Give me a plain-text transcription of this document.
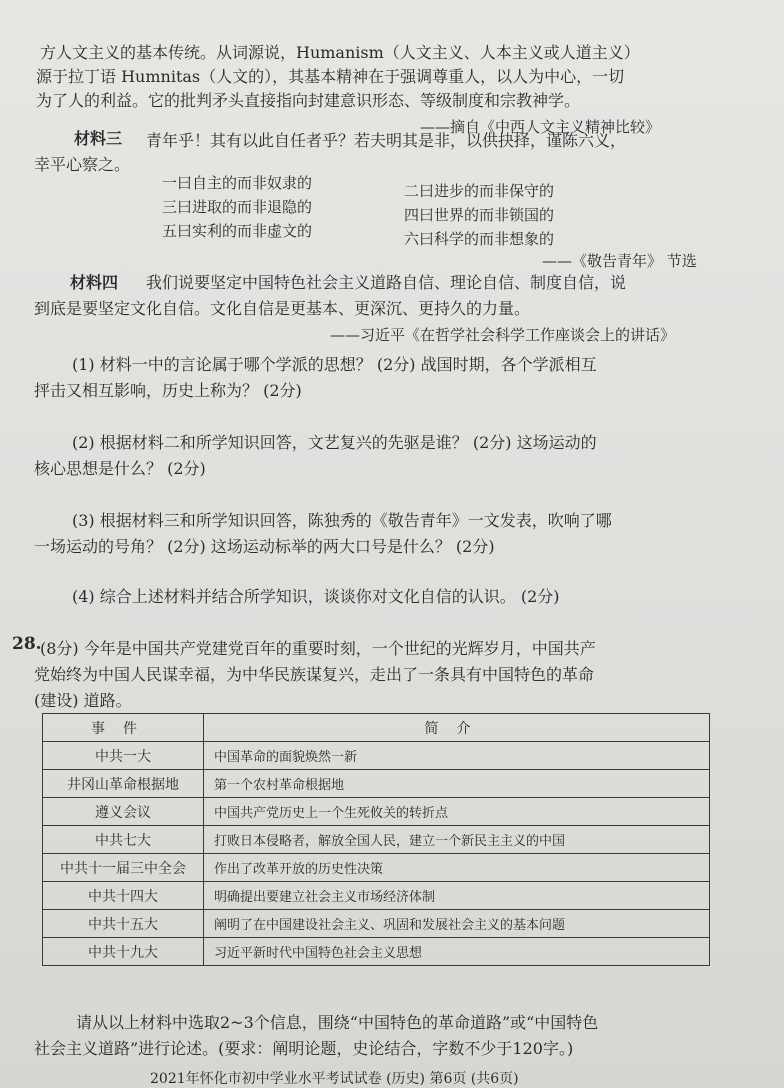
方人文主义的基本传统。从词源说，Humanism（人文主义、人本主义或人道主义）
源于拉丁语 Humnitas（人文的），其基本精神在于强调尊重人，以人为中心，一切
为了人的利益。它的批判矛头直接指向封建意识形态、等级制度和宗教神学。
——摘自《中西人文主义精神比较》
材料三 青年乎！其有以此自任者乎？若夫明其是非，以供抉择，谨陈六义，
幸平心察之。
一曰自主的而非奴隶的	二曰进步的而非保守的
三曰进取的而非退隐的	四曰世界的而非锁国的
五曰实利的而非虚文的	六曰科学的而非想象的
——《敬告青年》 节选
材料四 我们说要坚定中国特色社会主义道路自信、理论自信、制度自信，说
到底是要坚定文化自信。文化自信是更基本、更深沉、更持久的力量。
——习近平《在哲学社会科学工作座谈会上的讲话》
(1) 材料一中的言论属于哪个学派的思想？ (2分) 战国时期，各个学派相互
抨击又相互影响，历史上称为？ (2分)
(2) 根据材料二和所学知识回答，文艺复兴的先驱是谁？ (2分) 这场运动的
核心思想是什么？ (2分)
(3) 根据材料三和所学知识回答，陈独秀的《敬告青年》一文发表，吹响了哪
一场运动的号角？ (2分) 这场运动标举的两大口号是什么？ (2分)
(4) 综合上述材料并结合所学知识，谈谈你对文化自信的认识。 (2分)
28.
(8分) 今年是中国共产党建党百年的重要时刻，一个世纪的光辉岁月，中国共产
党始终为中国人民谋幸福，为中华民族谋复兴，走出了一条具有中国特色的革命
(建设) 道路。
事件	简介
中共一大	中国革命的面貌焕然一新
井冈山革命根据地	第一个农村革命根据地
遵义会议	中国共产党历史上一个生死攸关的转折点
中共七大	打败日本侵略者，解放全国人民，建立一个新民主主义的中国
中共十一届三中全会	作出了改革开放的历史性决策
中共十四大	明确提出要建立社会主义市场经济体制
中共十五大	阐明了在中国建设社会主义、巩固和发展社会主义的基本问题
中共十九大	习近平新时代中国特色社会主义思想
请从以上材料中选取2~3个信息，围绕“中国特色的革命道路”或“中国特色
社会主义道路”进行论述。(要求：阐明论题，史论结合，字数不少于120字。)
2021年怀化市初中学业水平考试试卷 (历史) 第6页 (共6页)
